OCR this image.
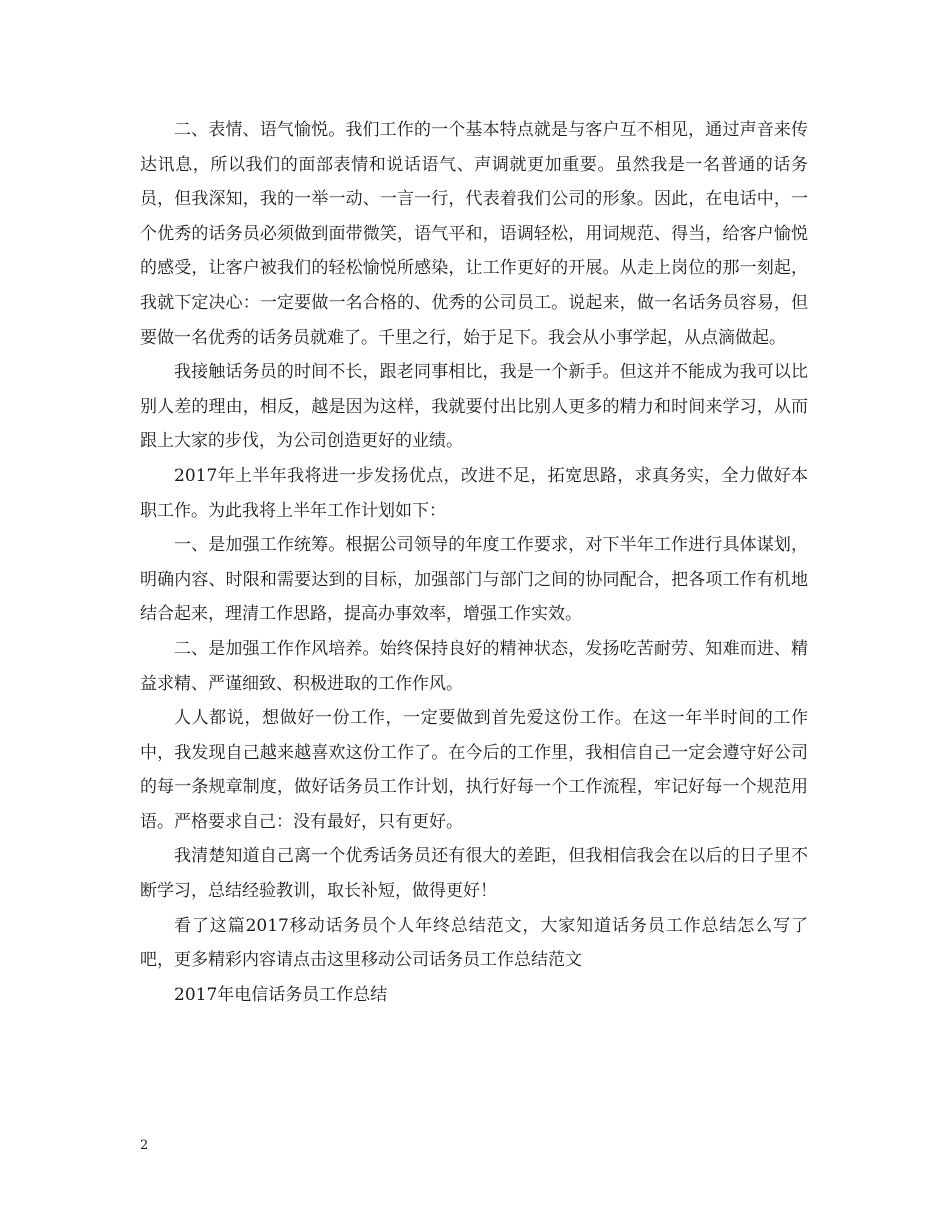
二、表情、语气愉悦。我们工作的一个基本特点就是与客户互不相见，通过声音来传达讯息，所以我们的面部表情和说话语气、声调就更加重要。虽然我是一名普通的话务员，但我深知，我的一举一动、一言一行，代表着我们公司的形象。因此，在电话中，一个优秀的话务员必须做到面带微笑，语气平和，语调轻松，用词规范、得当，给客户愉悦的感受，让客户被我们的轻松愉悦所感染，让工作更好的开展。从走上岗位的那一刻起，我就下定决心：一定要做一名合格的、优秀的公司员工。说起来，做一名话务员容易，但要做一名优秀的话务员就难了。千里之行，始于足下。我会从小事学起，从点滴做起。

我接触话务员的时间不长，跟老同事相比，我是一个新手。但这并不能成为我可以比别人差的理由，相反，越是因为这样，我就要付出比别人更多的精力和时间来学习，从而跟上大家的步伐，为公司创造更好的业绩。

2017年上半年我将进一步发扬优点，改进不足，拓宽思路，求真务实，全力做好本职工作。为此我将上半年工作计划如下：

一、是加强工作统筹。根据公司领导的年度工作要求，对下半年工作进行具体谋划，明确内容、时限和需要达到的目标，加强部门与部门之间的协同配合，把各项工作有机地结合起来，理清工作思路，提高办事效率，增强工作实效。

二、是加强工作作风培养。始终保持良好的精神状态，发扬吃苦耐劳、知难而进、精益求精、严谨细致、积极进取的工作作风。

人人都说，想做好一份工作，一定要做到首先爱这份工作。在这一年半时间的工作中，我发现自己越来越喜欢这份工作了。在今后的工作里，我相信自己一定会遵守好公司的每一条规章制度，做好话务员工作计划，执行好每一个工作流程，牢记好每一个规范用语。严格要求自己：没有最好，只有更好。

我清楚知道自己离一个优秀话务员还有很大的差距，但我相信我会在以后的日子里不断学习，总结经验教训，取长补短，做得更好！

看了这篇2017移动话务员个人年终总结范文，大家知道话务员工作总结怎么写了吧，更多精彩内容请点击这里移动公司话务员工作总结范文

2017年电信话务员工作总结

2
